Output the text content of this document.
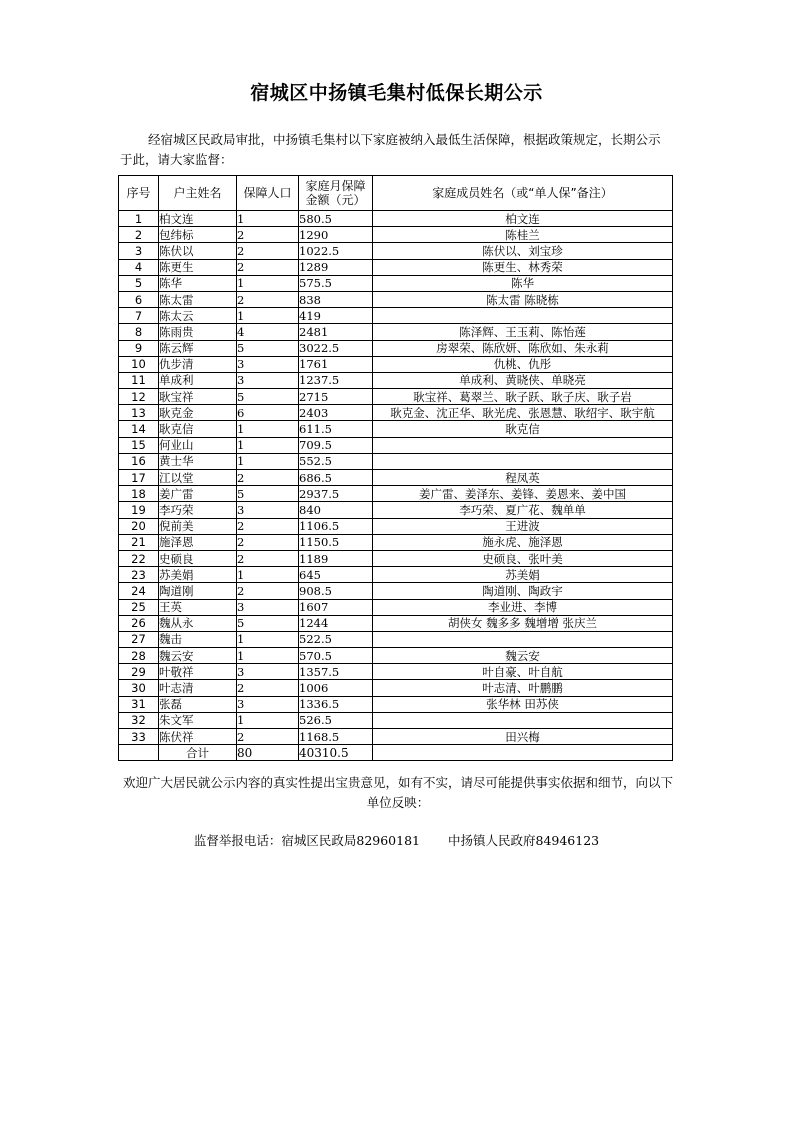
宿城区中扬镇毛集村低保长期公示
经宿城区民政局审批，中扬镇毛集村以下家庭被纳入最低生活保障，根据政策规定，长期公示于此，请大家监督：
序号	户主姓名	保障人口	家庭月保障
金额（元）	家庭成员姓名（或“单人保”备注）
1	柏文连	1	580.5	柏文连
2	包纬标	2	1290	陈桂兰
3	陈伏以	2	1022.5	陈伏以、刘宝珍
4	陈更生	2	1289	陈更生、林秀荣
5	陈华	1	575.5	陈华
6	陈太雷	2	838	陈太雷 陈晓栋
7	陈太云	1	419	
8	陈雨贵	4	2481	陈泽辉、王玉莉、陈怡莲
9	陈云辉	5	3022.5	房翠荣、陈欣妍、陈欣如、朱永莉
10	仇步清	3	1761	仇桃、仇彤
11	单成利	3	1237.5	单成利、黄晓侠、单晓亮
12	耿宝祥	5	2715	耿宝祥、葛翠兰、耿子跃、耿子庆、耿子岩
13	耿克金	6	2403	耿克金、沈正华、耿光虎、张恩慧、耿绍宇、耿宇航
14	耿克信	1	611.5	耿克信
15	何业山	1	709.5	
16	黄士华	1	552.5	
17	江以堂	2	686.5	程凤英
18	姜广雷	5	2937.5	姜广雷、姜泽东、姜锋、姜恩来、姜中国
19	李巧荣	3	840	李巧荣、夏广花、魏单单
20	倪前美	2	1106.5	王进波
21	施泽恩	2	1150.5	施永虎、施泽恩
22	史硕良	2	1189	史硕良、张叶美
23	苏美娟	1	645	苏美娟
24	陶道刚	2	908.5	陶道刚、陶政宇
25	王英	3	1607	李业进、李博
26	魏从永	5	1244	胡侠女 魏多多 魏增增 张庆兰
27	魏击	1	522.5	
28	魏云安	1	570.5	魏云安
29	叶敬祥	3	1357.5	叶自豪、叶自航
30	叶志清	2	1006	叶志清、叶鹏鹏
31	张磊	3	1336.5	张华林 田苏侠
32	朱文军	1	526.5	
33	陈伏祥	2	1168.5	田兴梅
	合计	80	40310.5	
欢迎广大居民就公示内容的真实性提出宝贵意见，如有不实，请尽可能提供事实依据和细节，向以下单位反映：
监督举报电话：宿城区民政局82960181 中扬镇人民政府84946123
